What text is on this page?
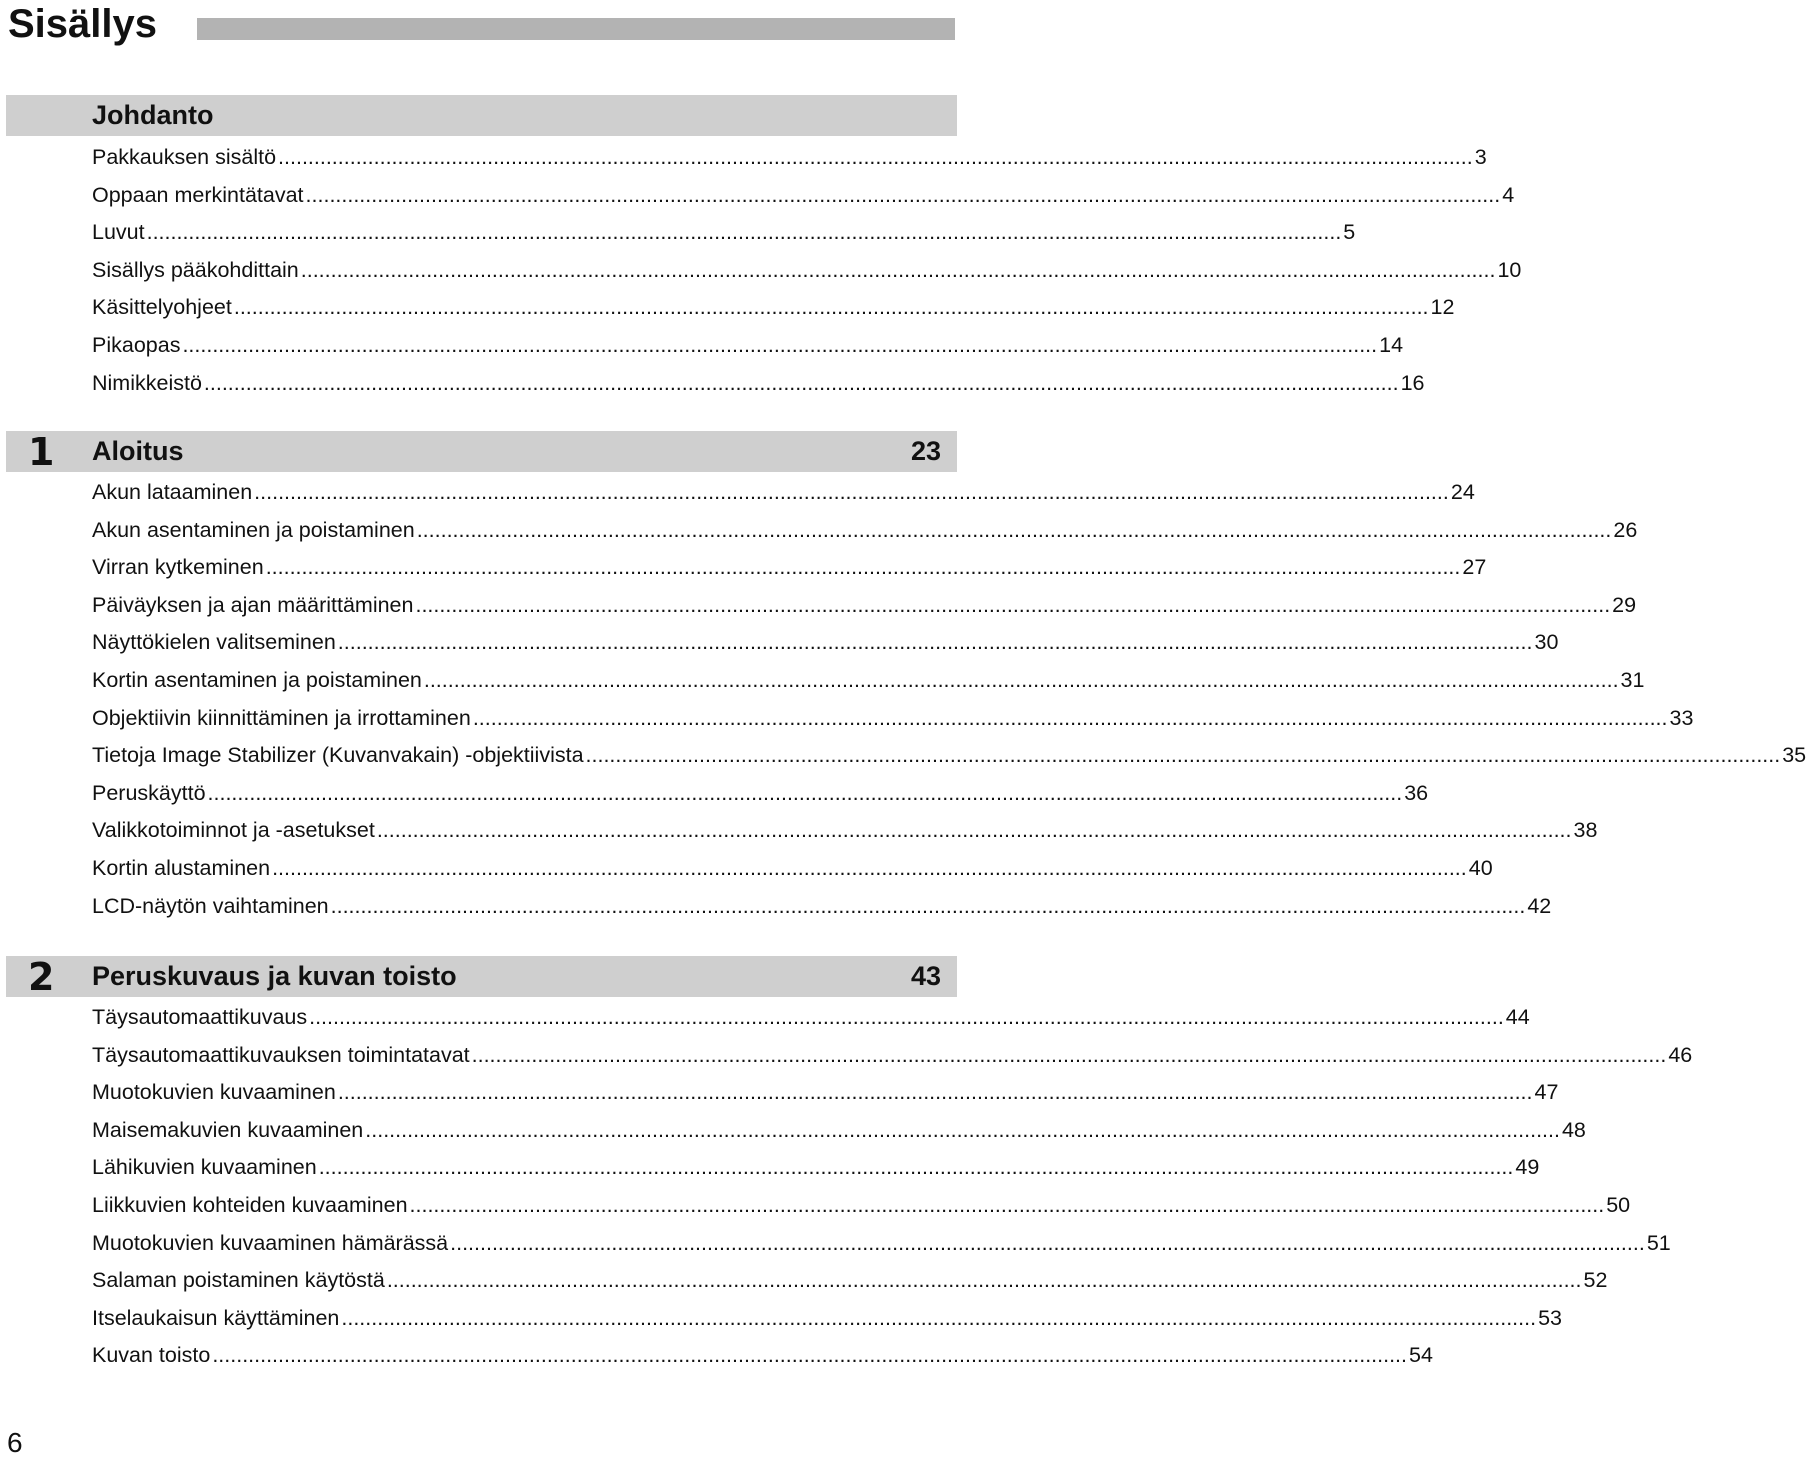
Sisällys
Johdanto
Pakkauksen sisältö ........................................................................................................................................................................................................ 3
Oppaan merkintätavat ........................................................................................................................................................................................................ 4
Luvut ........................................................................................................................................................................................................ 5
Sisällys pääkohdittain ........................................................................................................................................................................................................ 10
Käsittelyohjeet ........................................................................................................................................................................................................ 12
Pikaopas ........................................................................................................................................................................................................ 14
Nimikkeistö ........................................................................................................................................................................................................ 16
1 Aloitus	23
Akun lataaminen ........................................................................................................................................................................................................ 24
Akun asentaminen ja poistaminen ........................................................................................................................................................................................................ 26
Virran kytkeminen ........................................................................................................................................................................................................ 27
Päiväyksen ja ajan määrittäminen ........................................................................................................................................................................................................ 29
Näyttökielen valitseminen ........................................................................................................................................................................................................ 30
Kortin asentaminen ja poistaminen ........................................................................................................................................................................................................ 31
Objektiivin kiinnittäminen ja irrottaminen ........................................................................................................................................................................................................ 33
Tietoja Image Stabilizer (Kuvanvakain) -objektiivista ........................................................................................................................................................................................................ 35
Peruskäyttö ........................................................................................................................................................................................................ 36
Valikkotoiminnot ja -asetukset ........................................................................................................................................................................................................ 38
Kortin alustaminen ........................................................................................................................................................................................................ 40
LCD-näytön vaihtaminen ........................................................................................................................................................................................................ 42
2 Peruskuvaus ja kuvan toisto	43
Täysautomaattikuvaus ........................................................................................................................................................................................................ 44
Täysautomaattikuvauksen toimintatavat ........................................................................................................................................................................................................ 46
Muotokuvien kuvaaminen ........................................................................................................................................................................................................ 47
Maisemakuvien kuvaaminen ........................................................................................................................................................................................................ 48
Lähikuvien kuvaaminen ........................................................................................................................................................................................................ 49
Liikkuvien kohteiden kuvaaminen ........................................................................................................................................................................................................ 50
Muotokuvien kuvaaminen hämärässä ........................................................................................................................................................................................................ 51
Salaman poistaminen käytöstä ........................................................................................................................................................................................................ 52
Itselaukaisun käyttäminen ........................................................................................................................................................................................................ 53
Kuvan toisto ........................................................................................................................................................................................................ 54
6
